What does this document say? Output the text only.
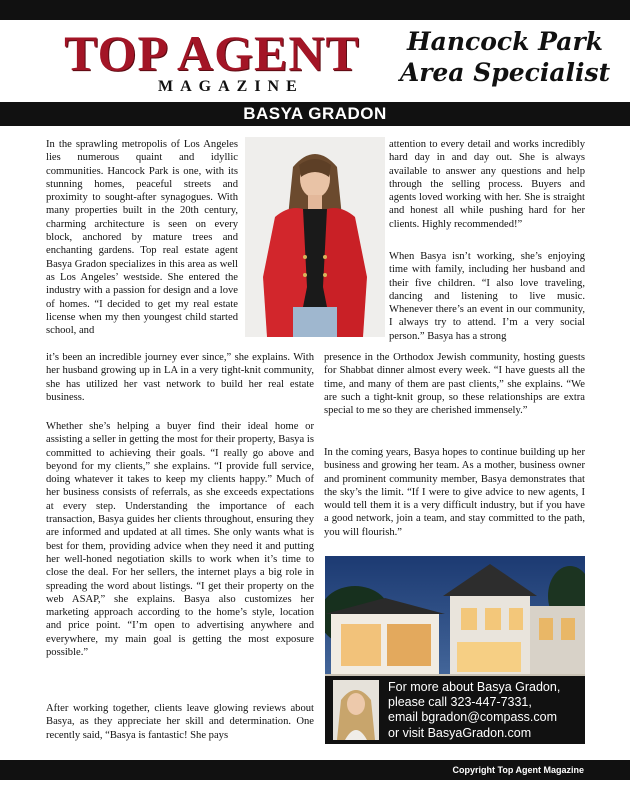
TOP AGENT
MAGAZINE
Hancock Park
Area Specialist
BASYA GRADON

In the sprawling metropolis of Los Angeles lies numerous quaint and idyllic communities. Hancock Park is one, with its stunning homes, peaceful streets and proximity to sought-after synagogues. With many properties built in the 20th century, charming architecture is seen on every block, anchored by mature trees and enchanting gardens. Top real estate agent Basya Gradon specializes in this area as well as Los Angeles’ westside. She entered the industry with a passion for design and a love of homes. “I decided to get my real estate license when my then youngest child started school, and

it’s been an incredible journey ever since,” she explains. With her husband growing up in LA in a very tight-knit community, she has utilized her vast network to build her real estate business.

Whether she’s helping a buyer find their ideal home or assisting a seller in getting the most for their property, Basya is committed to achieving their goals. “I really go above and beyond for my clients,” she explains. “I provide full service, doing whatever it takes to keep my clients happy.” Much of her business consists of referrals, as she exceeds expectations at every step. Understanding the importance of each transaction, Basya guides her clients throughout, ensuring they are informed and updated at all times. She only wants what is best for them, providing advice when they need it and putting her well-honed negotiation skills to work when it’s time to close the deal. For her sellers, the internet plays a big role in spreading the word about listings. “I get their property on the web ASAP,” she explains. Basya also customizes her marketing approach according to the home’s style, location and price point. “I’m open to advertising anywhere and everywhere, my main goal is getting the most exposure possible.”

After working together, clients leave glowing reviews about Basya, as they appreciate her skill and determination. One recently said, “Basya is fantastic! She pays

attention to every detail and works incredibly hard day in and day out. She is always available to answer any questions and help through the selling process. Buyers and agents loved working with her. She is straight and honest all while pushing hard for her clients. Highly recommended!”

When Basya isn’t working, she’s enjoying time with family, including her husband and their five children. “I also love traveling, dancing and listening to live music. Whenever there’s an event in our community, I always try to attend. I’m a very social person.” Basya has a strong

presence in the Orthodox Jewish community, hosting guests for Shabbat dinner almost every week. “I have guests all the time, and many of them are past clients,” she explains. “We are such a tight-knit group, so these relationships are extra special to me so they are cherished immensely.”

In the coming years, Basya hopes to continue building up her business and growing her team. As a mother, business owner and prominent community member, Basya demonstrates that the sky’s the limit. “If I were to give advice to new agents, I would tell them it is a very difficult industry, but if you have a good network, join a team, and stay committed to the path, you will flourish.”

For more about Basya Gradon,
please call 323-447-7331,
email bgradon@compass.com
or visit BasyaGradon.com
Copyright Top Agent Magazine
